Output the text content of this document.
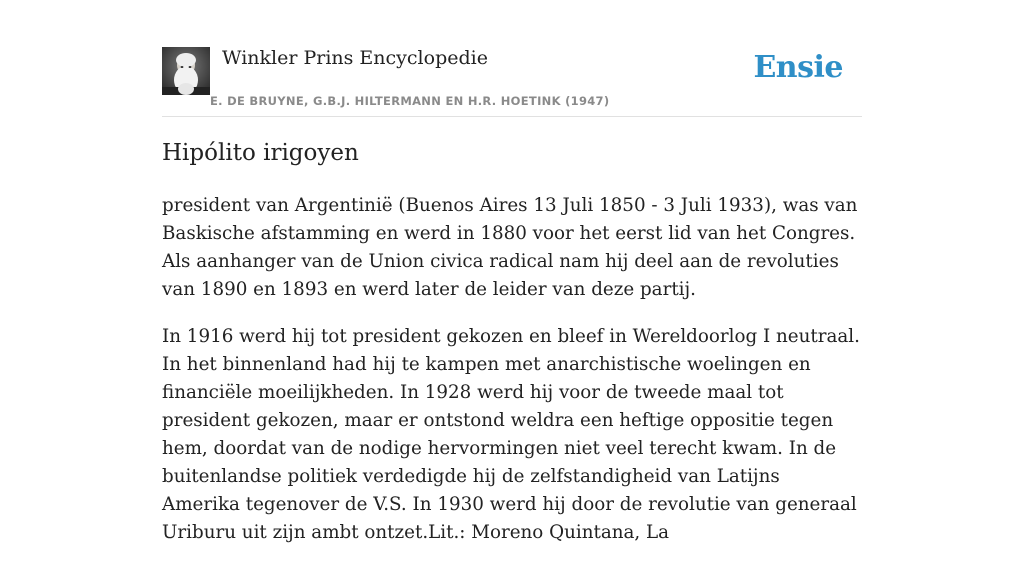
Winkler Prins Encyclopedie
E. DE BRUYNE, G.B.J. HILTERMANN EN H.R. HOETINK (1947)
Ensie
Hipólito irigoyen

president van Argentinië (Buenos Aires 13 Juli 1850 - 3 Juli 1933), was van Baskische afstamming en werd in 1880 voor het eerst lid van het Congres. Als aanhanger van de Union civica radical nam hij deel aan de revoluties van 1890 en 1893 en werd later de leider van deze partij.

In 1916 werd hij tot president gekozen en bleef in Wereldoorlog I neutraal. In het binnenland had hij te kampen met anarchistische woelingen en financiële moeilijkheden. In 1928 werd hij voor de tweede maal tot president gekozen, maar er ontstond weldra een heftige oppositie tegen hem, doordat van de nodige hervormingen niet veel terecht kwam. In de buitenlandse politiek verdedigde hij de zelfstandigheid van Latijns Amerika tegenover de V.S. In 1930 werd hij door de revolutie van generaal Uriburu uit zijn ambt ontzet.Lit.: Moreno Quintana, La
